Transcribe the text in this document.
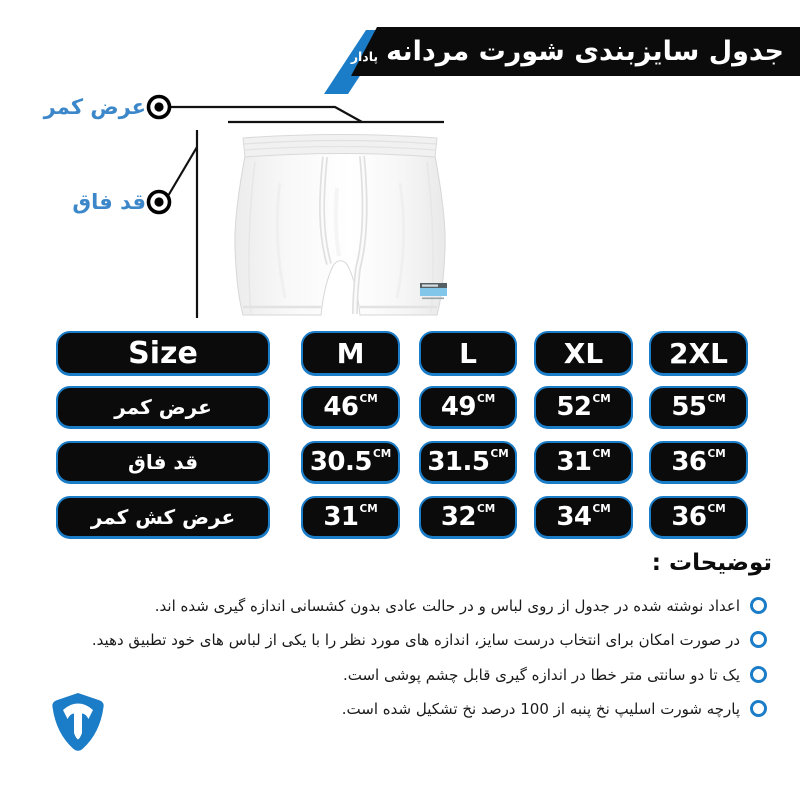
جدول سایزبندی شورت مردانه
پادار نخ پنبه
عرض کمر
قد فاق
Size	M	L	XL	2XL
عرض کمر	46 CM 49 CM 52 CM 55 CM
قد فاق	30.5 CM 31.5 CM 31 CM 36 CM
عرض کش کمر	31 CM 32 CM 34 CM 36 CM
توضیحات :
اعداد نوشته شده در جدول از روی لباس و در حالت عادی بدون کشسانی اندازه گیری شده اند.
در صورت امکان برای انتخاب درست سایز، اندازه های مورد نظر را با یکی از لباس های خود تطبیق دهید.
یک تا دو سانتی متر خطا در اندازه گیری قابل چشم پوشی است.
پارچه شورت اسلیپ نخ پنبه از 100 درصد نخ تشکیل شده است.
